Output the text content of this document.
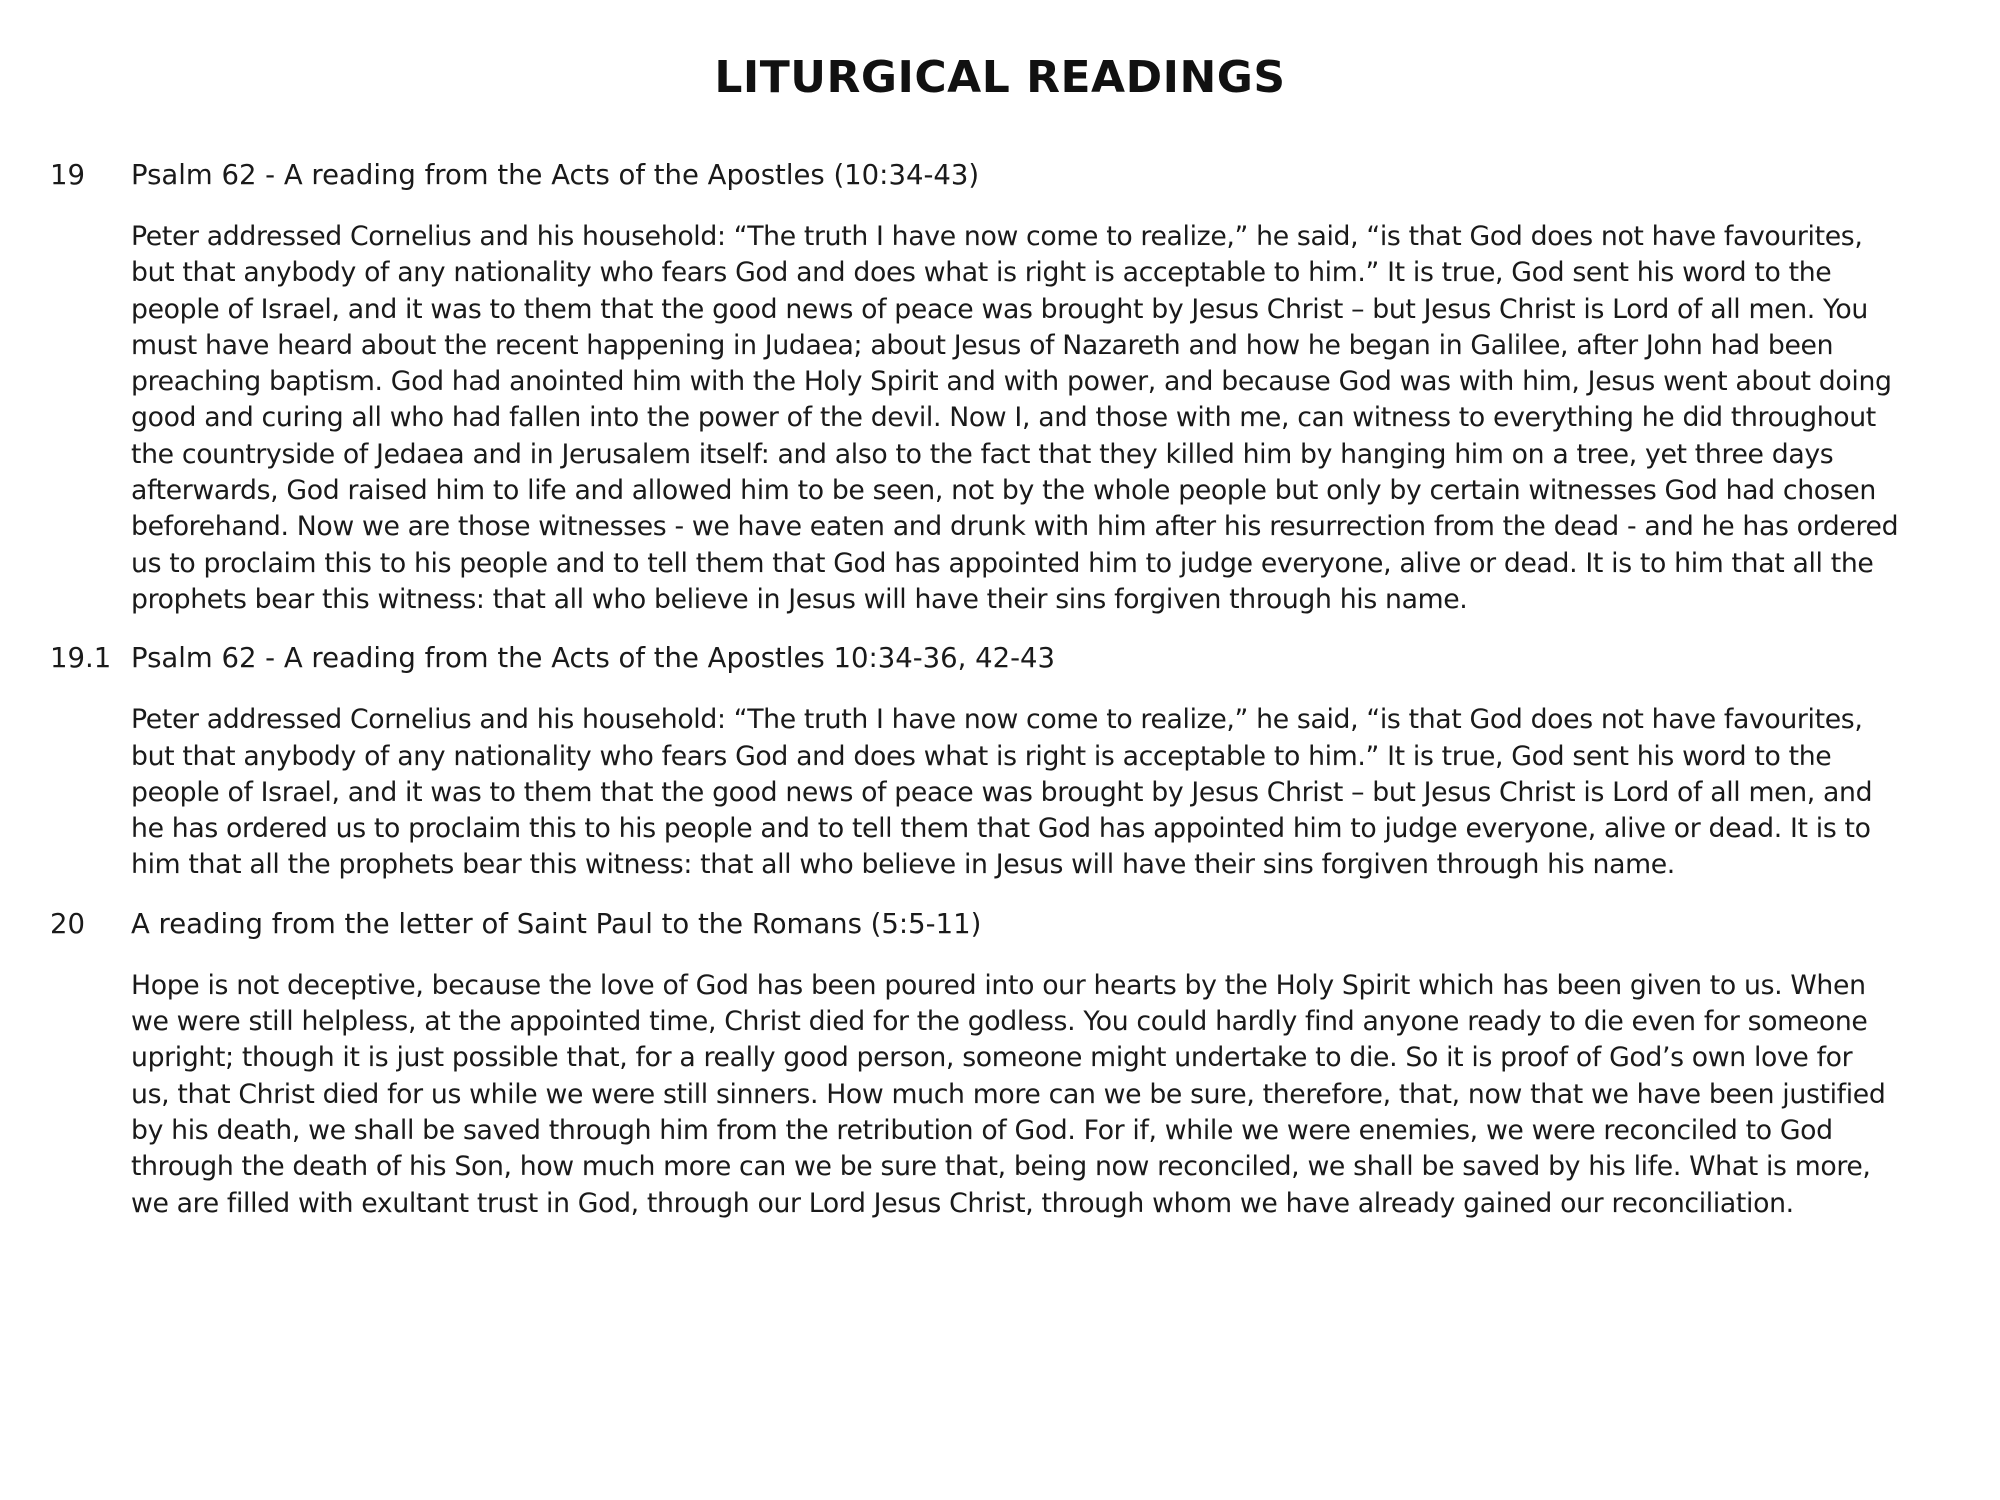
LITURGICAL READINGS
19	Psalm 62 - A reading from the Acts of the Apostles (10:34-43)
Peter addressed Cornelius and his household: “The truth I have now come to realize,” he said, “is that God does not have favourites,
but that anybody of any nationality who fears God and does what is right is acceptable to him.” It is true, God sent his word to the
people of Israel, and it was to them that the good news of peace was brought by Jesus Christ – but Jesus Christ is Lord of all men. You
must have heard about the recent happening in Judaea; about Jesus of Nazareth and how he began in Galilee, after John had been
preaching baptism. God had anointed him with the Holy Spirit and with power, and because God was with him, Jesus went about doing
good and curing all who had fallen into the power of the devil. Now I, and those with me, can witness to everything he did throughout
the countryside of Jedaea and in Jerusalem itself: and also to the fact that they killed him by hanging him on a tree, yet three days
afterwards, God raised him to life and allowed him to be seen, not by the whole people but only by certain witnesses God had chosen
beforehand. Now we are those witnesses - we have eaten and drunk with him after his resurrection from the dead - and he has ordered
us to proclaim this to his people and to tell them that God has appointed him to judge everyone, alive or dead. It is to him that all the
prophets bear this witness: that all who believe in Jesus will have their sins forgiven through his name.
19.1 Psalm 62 - A reading from the Acts of the Apostles 10:34-36, 42-43
Peter addressed Cornelius and his household: “The truth I have now come to realize,” he said, “is that God does not have favourites,
but that anybody of any nationality who fears God and does what is right is acceptable to him.” It is true, God sent his word to the
people of Israel, and it was to them that the good news of peace was brought by Jesus Christ – but Jesus Christ is Lord of all men, and
he has ordered us to proclaim this to his people and to tell them that God has appointed him to judge everyone, alive or dead. It is to
him that all the prophets bear this witness: that all who believe in Jesus will have their sins forgiven through his name.
20	A reading from the letter of Saint Paul to the Romans (5:5-11)
Hope is not deceptive, because the love of God has been poured into our hearts by the Holy Spirit which has been given to us. When
we were still helpless, at the appointed time, Christ died for the godless. You could hardly find anyone ready to die even for someone
upright; though it is just possible that, for a really good person, someone might undertake to die. So it is proof of God’s own love for
us, that Christ died for us while we were still sinners. How much more can we be sure, therefore, that, now that we have been justified
by his death, we shall be saved through him from the retribution of God. For if, while we were enemies, we were reconciled to God
through the death of his Son, how much more can we be sure that, being now reconciled, we shall be saved by his life. What is more,
we are filled with exultant trust in God, through our Lord Jesus Christ, through whom we have already gained our reconciliation.
